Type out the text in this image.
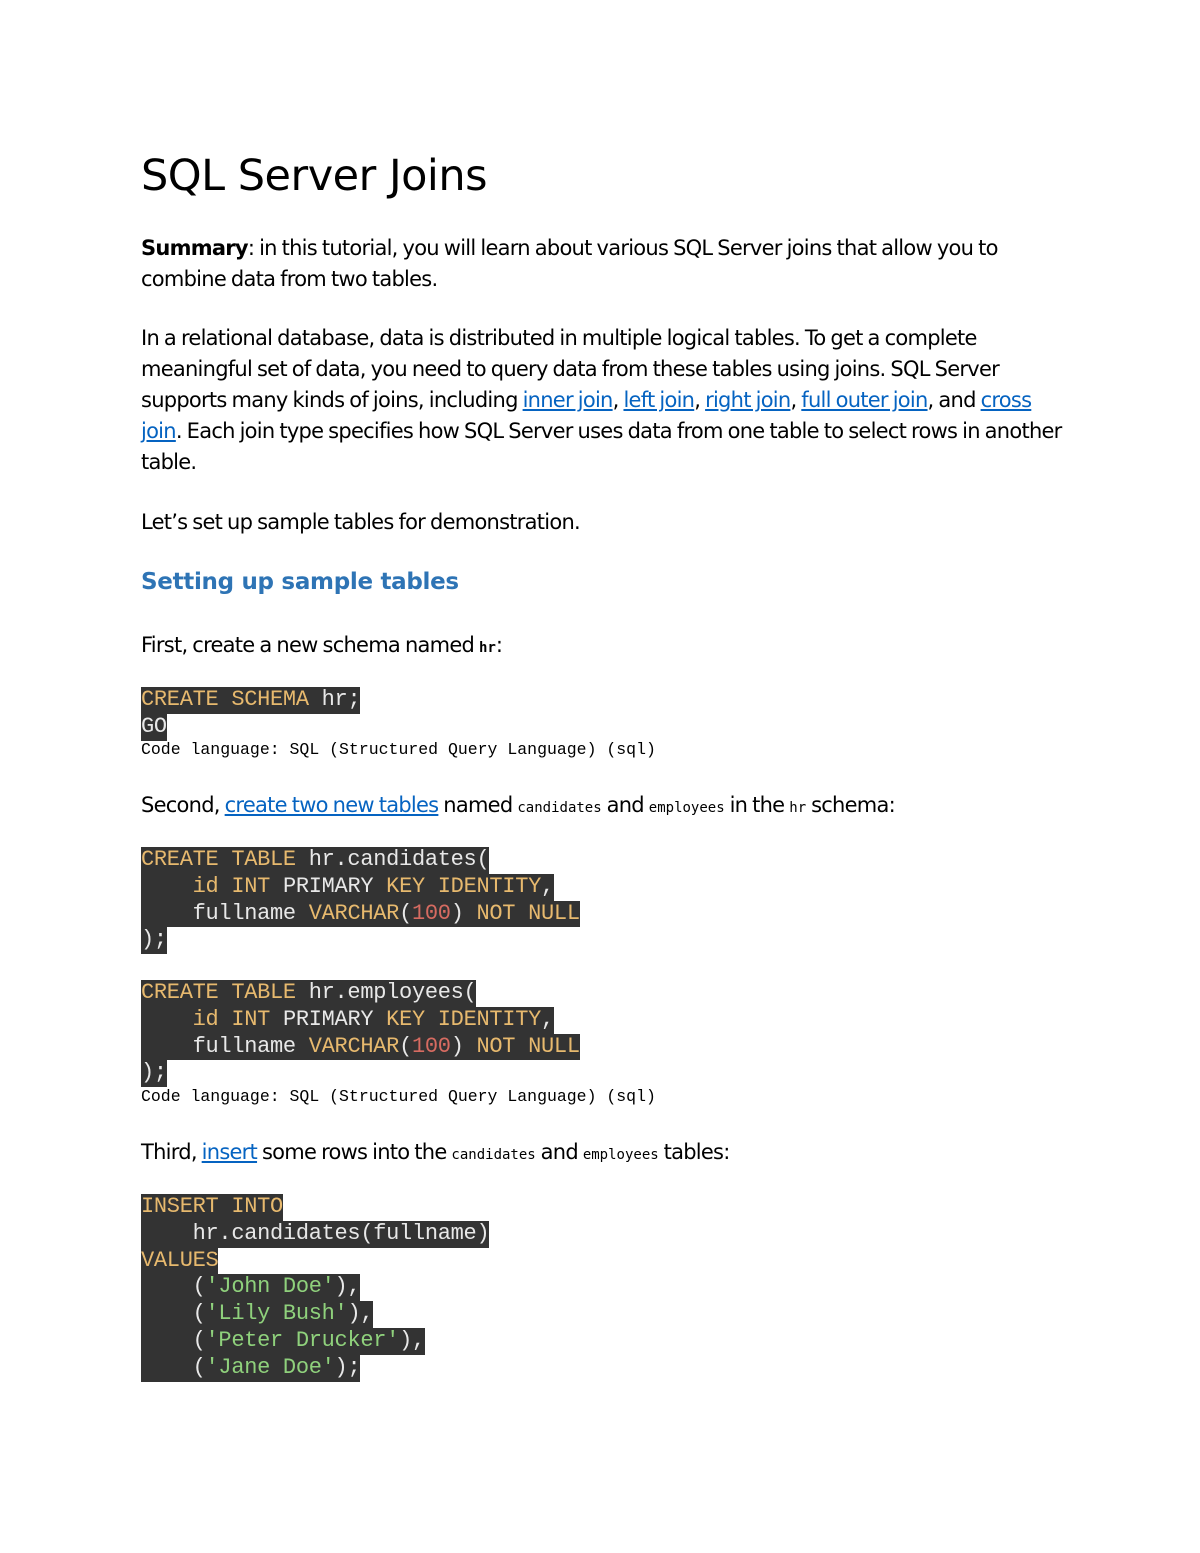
SQL Server Joins

Summary: in this tutorial, you will learn about various SQL Server joins that allow you to combine data from two tables.

In a relational database, data is distributed in multiple logical tables. To get a complete meaningful set of data, you need to query data from these tables using joins. SQL Server supports many kinds of joins, including inner join, left join, right join, full outer join, and cross join. Each join type specifies how SQL Server uses data from one table to select rows in another table.

Let’s set up sample tables for demonstration.

Setting up sample tables

First, create a new schema named hr:

CREATE SCHEMA hr;
GO
Code language: SQL (Structured Query Language) (sql)

Second, create two new tables named candidates and employees in the hr schema:

CREATE TABLE hr.candidates(
id INT PRIMARY KEY IDENTITY,
fullname VARCHAR(100) NOT NULL
);
CREATE TABLE hr.employees(
id INT PRIMARY KEY IDENTITY,
fullname VARCHAR(100) NOT NULL
);
Code language: SQL (Structured Query Language) (sql)

Third, insert some rows into the candidates and employees tables:

INSERT INTO
hr.candidates(fullname)
VALUES
('John Doe'),
('Lily Bush'),
('Peter Drucker'),
('Jane Doe');
